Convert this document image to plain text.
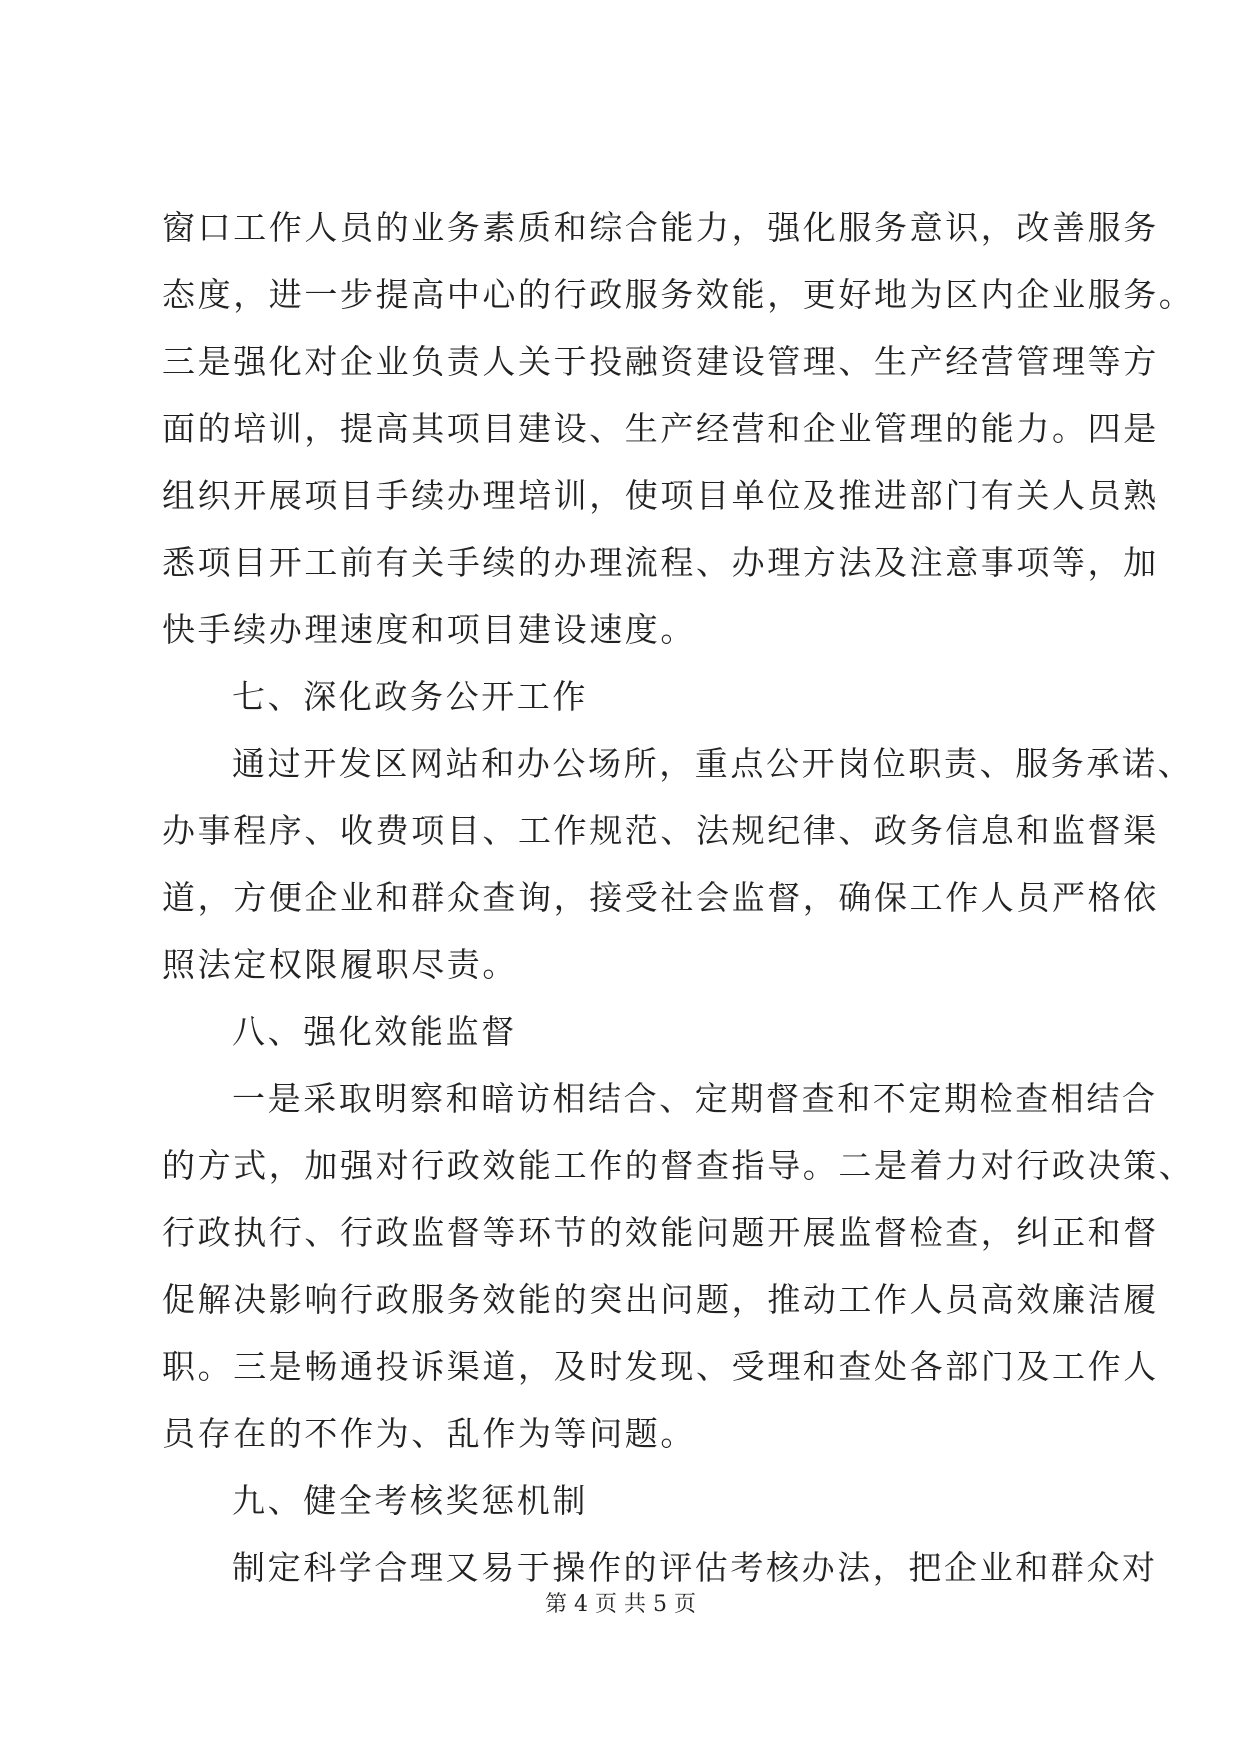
窗口工作人员的业务素质和综合能力，强化服务意识，改善服务
态度，进一步提高中心的行政服务效能，更好地为区内企业服务。
三是强化对企业负责人关于投融资建设管理、生产经营管理等方
面的培训，提高其项目建设、生产经营和企业管理的能力。四是
组织开展项目手续办理培训，使项目单位及推进部门有关人员熟
悉项目开工前有关手续的办理流程、办理方法及注意事项等，加
快手续办理速度和项目建设速度。
七、深化政务公开工作
通过开发区网站和办公场所，重点公开岗位职责、服务承诺、
办事程序、收费项目、工作规范、法规纪律、政务信息和监督渠
道，方便企业和群众查询，接受社会监督，确保工作人员严格依
照法定权限履职尽责。
八、强化效能监督
一是采取明察和暗访相结合、定期督查和不定期检查相结合
的方式，加强对行政效能工作的督查指导。二是着力对行政决策、
行政执行、行政监督等环节的效能问题开展监督检查，纠正和督
促解决影响行政服务效能的突出问题，推动工作人员高效廉洁履
职。三是畅通投诉渠道，及时发现、受理和查处各部门及工作人
员存在的不作为、乱作为等问题。
九、健全考核奖惩机制
制定科学合理又易于操作的评估考核办法，把企业和群众对
第 4 页 共 5 页
